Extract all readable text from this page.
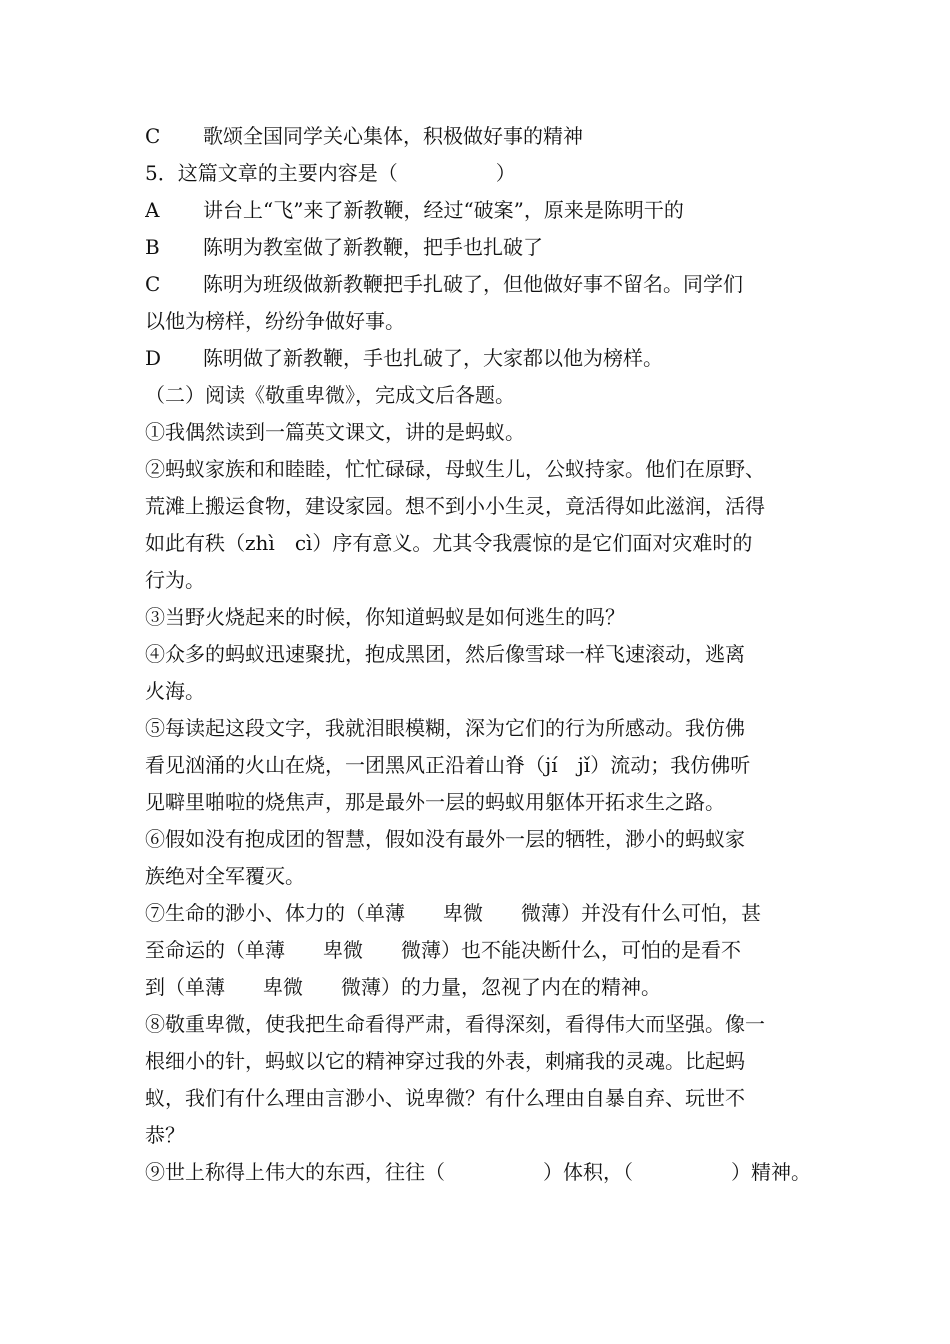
C 歌颂全国同学关心集体，积极做好事的精神
5．这篇文章的主要内容是（	）
A 讲台上“飞”来了新教鞭，经过“破案”，原来是陈明干的
B 陈明为教室做了新教鞭，把手也扎破了
C 陈明为班级做新教鞭把手扎破了，但他做好事不留名。同学们
以他为榜样，纷纷争做好事。
D 陈明做了新教鞭，手也扎破了，大家都以他为榜样。
（二）阅读《敬重卑微》，完成文后各题。
①我偶然读到一篇英文课文，讲的是蚂蚁。
②蚂蚁家族和和睦睦，忙忙碌碌，母蚁生儿，公蚁持家。他们在原野、
荒滩上搬运食物，建设家园。想不到小小生灵，竟活得如此滋润，活得
如此有秩（zhì　cì）序有意义。尤其令我震惊的是它们面对灾难时的
行为。
③当野火烧起来的时候，你知道蚂蚁是如何逃生的吗？
④众多的蚂蚁迅速聚扰，抱成黑团，然后像雪球一样飞速滚动，逃离
火海。
⑤每读起这段文字，我就泪眼模糊，深为它们的行为所感动。我仿佛
看见汹涌的火山在烧，一团黑风正沿着山脊（jí　jǐ）流动；我仿佛听
见噼里啪啦的烧焦声，那是最外一层的蚂蚁用躯体开拓求生之路。
⑥假如没有抱成团的智慧，假如没有最外一层的牺牲，渺小的蚂蚁家
族绝对全军覆灭。
⑦生命的渺小、体力的（单薄 卑微 微薄）并没有什么可怕，甚
至命运的（单薄 卑微 微薄）也不能决断什么，可怕的是看不
到（单薄 卑微 微薄）的力量，忽视了内在的精神。
⑧敬重卑微，使我把生命看得严肃，看得深刻，看得伟大而坚强。像一
根细小的针，蚂蚁以它的精神穿过我的外表，刺痛我的灵魂。比起蚂
蚁，我们有什么理由言渺小、说卑微？有什么理由自暴自弃、玩世不
恭？
⑨世上称得上伟大的东西，往往（	）体积，（	）精神。
